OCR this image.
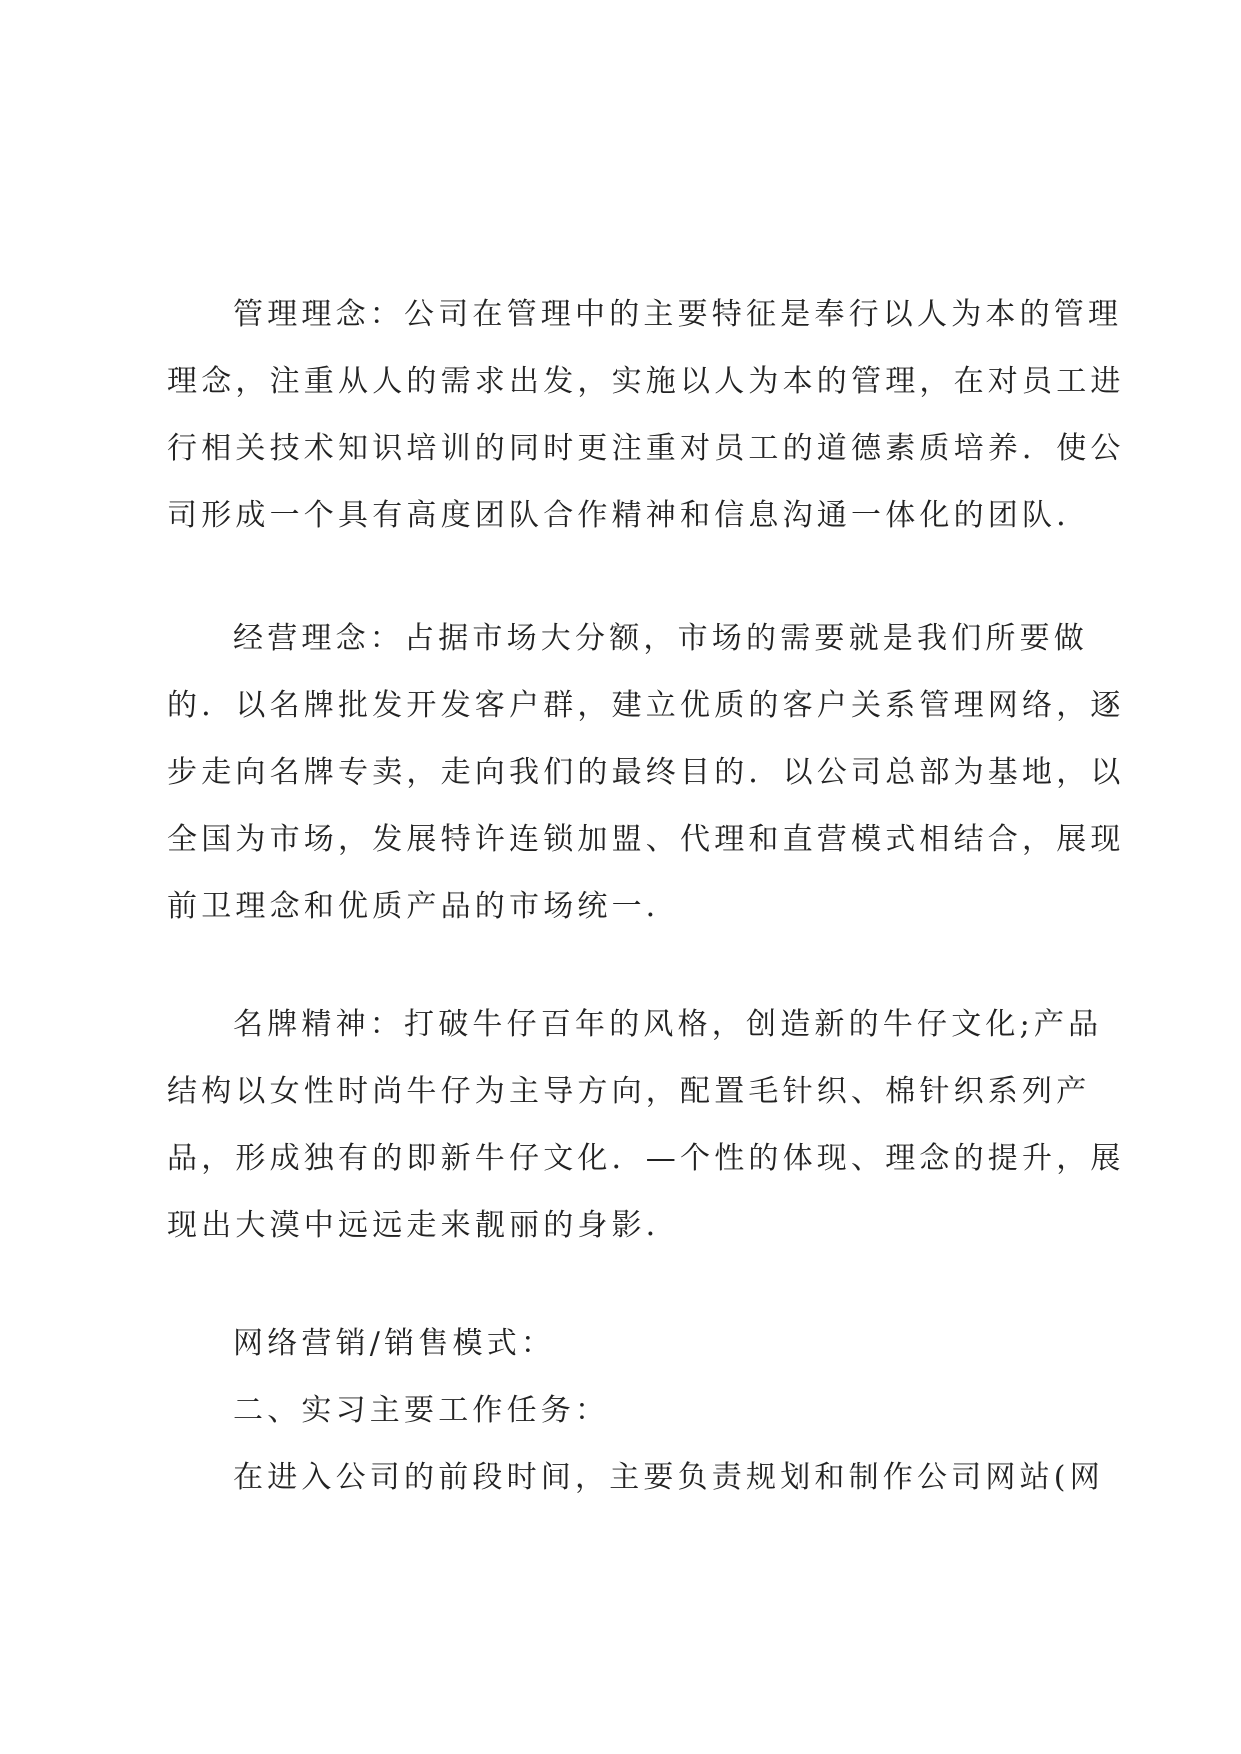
管理理念：公司在管理中的主要特征是奉行以人为本的管理
理念，注重从人的需求出发，实施以人为本的管理，在对员工进
行相关技术知识培训的同时更注重对员工的道德素质培养．使公
司形成一个具有高度团队合作精神和信息沟通一体化的团队．
经营理念：占据市场大分额，市场的需要就是我们所要做
的．以名牌批发开发客户群，建立优质的客户关系管理网络，逐
步走向名牌专卖，走向我们的最终目的．以公司总部为基地，以
全国为市场，发展特许连锁加盟、代理和直营模式相结合，展现
前卫理念和优质产品的市场统一．
名牌精神：打破牛仔百年的风格，创造新的牛仔文化;产品
结构以女性时尚牛仔为主导方向，配置毛针织、棉针织系列产
品，形成独有的即新牛仔文化．—个性的体现、理念的提升，展
现出大漠中远远走来靓丽的身影．
网络营销/销售模式：
二、实习主要工作任务：
在进入公司的前段时间，主要负责规划和制作公司网站(网
